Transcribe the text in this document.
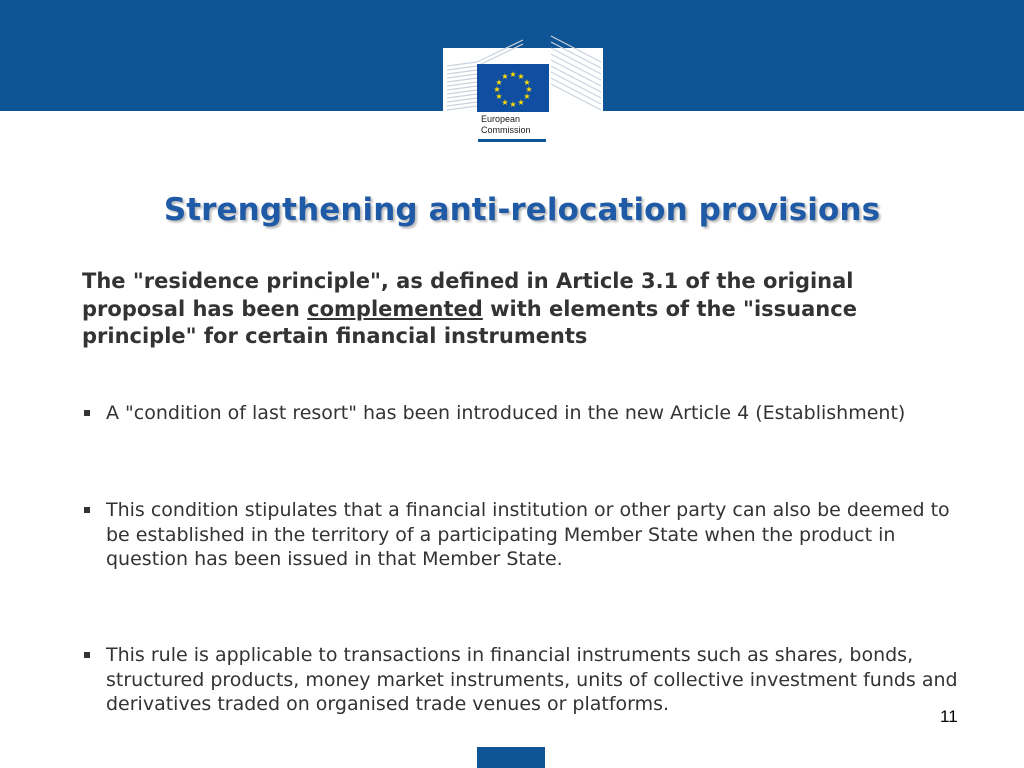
★ ★
★
★
★
★
★
★
★
★
★
★
European
Commission
Strengthening anti-relocation provisions

The "residence principle", as defined in Article 3.1 of the original proposal has been complemented with elements of the "issuance principle" for certain financial instruments

A "condition of last resort" has been introduced in the new Article 4 (Establishment)
This condition stipulates that a financial institution or other party can also be deemed to be established in the territory of a participating Member State when the product in question has been issued in that Member State.
This rule is applicable to transactions in financial instruments such as shares, bonds, structured products, money market instruments, units of collective investment funds and derivatives traded on organised trade venues or platforms.
11
